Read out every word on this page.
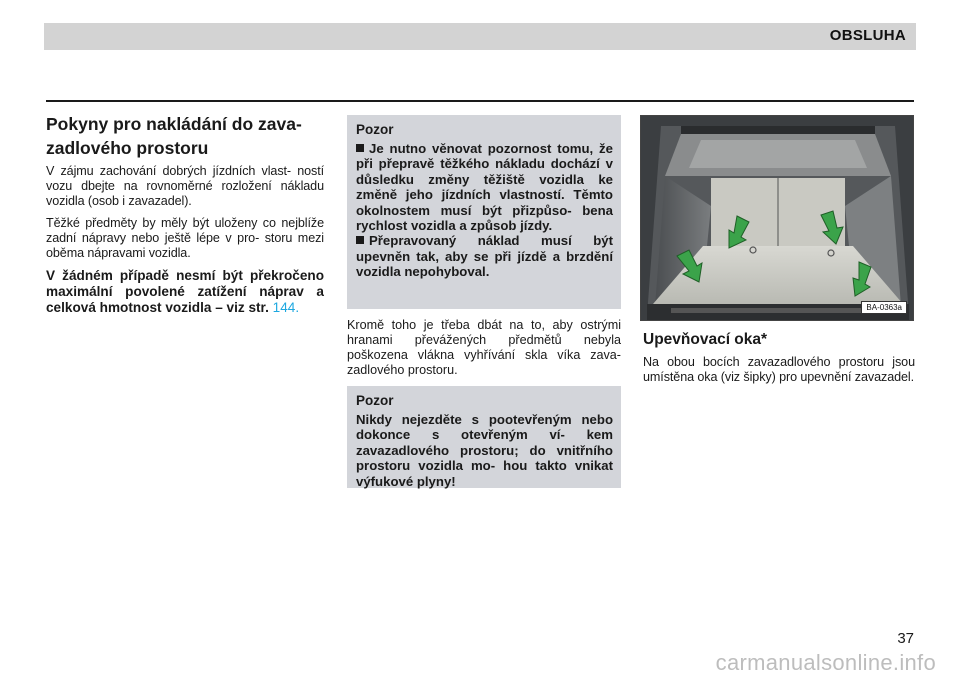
OBSLUHA
Pokyny pro nakládání do zava- zadlového prostoru

V zájmu zachování dobrých jízdních vlast- ností vozu dbejte na rovnoměrné rozložení nákladu vozidla (osob i zavazadel).

Těžké předměty by měly být uloženy co nejblíže zadní nápravy nebo ještě lépe v pro- storu mezi oběma nápravami vozidla.

V žádném případě nesmí být překročeno maximální povolené zatížení náprav a celková hmotnost vozidla – viz str. 144.

Pozor

Je nutno věnovat pozornost tomu, že při přepravě těžkého nákladu dochází v důsledku změny těžiště vozidla ke změně jeho jízdních vlastností. Těmto okolnostem musí být přizpůso- bena rychlost vozidla a způsob jízdy.

Přepravovaný náklad musí být upevněn tak, aby se při jízdě a brzdění vozidla nepohyboval.

Kromě toho je třeba dbát na to, aby ostrými hranami převážených předmětů nebyla poškozena vlákna vyhřívání skla víka zava- zadlového prostoru.

Pozor

Nikdy nejezděte s pootevřeným nebo dokonce s otevřeným ví- kem zavazadlového prostoru; do vnitřního prostoru vozidla mo- hou takto vnikat výfukové plyny!

BA-0363a
Upevňovací oka*

Na obou bocích zavazadlového prostoru jsou umístěna oka (viz šipky) pro upevnění zavazadel.

37
carmanualsonline.info
